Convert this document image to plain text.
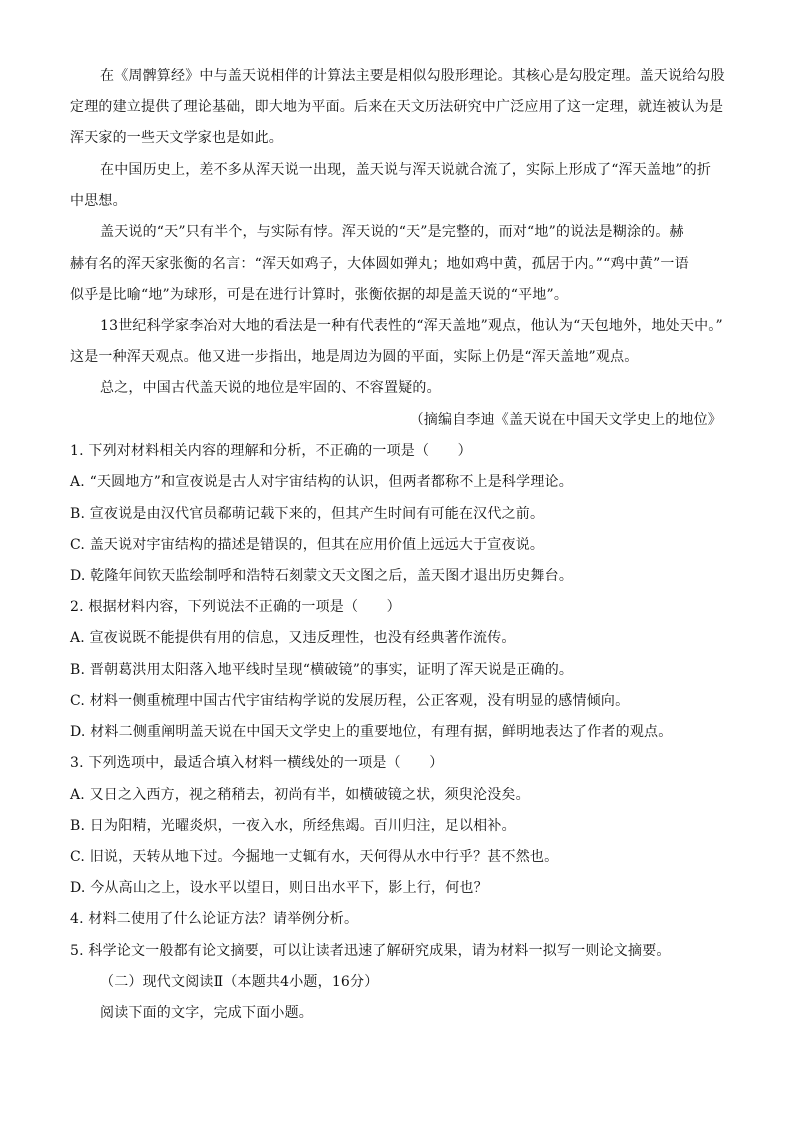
在《周髀算经》中与盖天说相伴的计算法主要是相似勾股形理论。其核心是勾股定理。盖天说给勾股
定理的建立提供了理论基础，即大地为平面。后来在天文历法研究中广泛应用了这一定理，就连被认为是
浑天家的一些天文学家也是如此。
在中国历史上，差不多从浑天说一出现，盖天说与浑天说就合流了，实际上形成了“浑天盖地”的折
中思想。
盖天说的“天”只有半个，与实际有悖。浑天说的“天”是完整的，而对“地”的说法是糊涂的。赫
赫有名的浑天家张衡的名言：“浑天如鸡子，大体圆如弹丸；地如鸡中黄，孤居于内。”“鸡中黄”一语
似乎是比喻“地”为球形，可是在进行计算时，张衡依据的却是盖天说的“平地”。
13世纪科学家李冶对大地的看法是一种有代表性的“浑天盖地”观点，他认为“天包地外，地处天中。”
这是一种浑天观点。他又进一步指出，地是周边为圆的平面，实际上仍是“浑天盖地”观点。
总之，中国古代盖天说的地位是牢固的、不容置疑的。
（摘编自李迪《盖天说在中国天文学史上的地位》
1. 下列对材料相关内容的理解和分析，不正确的一项是（　　）
A. “天圆地方”和宣夜说是古人对宇宙结构的认识，但两者都称不上是科学理论。
B. 宣夜说是由汉代官员郗萌记载下来的，但其产生时间有可能在汉代之前。
C. 盖天说对宇宙结构的描述是错误的，但其在应用价值上远远大于宣夜说。
D. 乾隆年间钦天监绘制呼和浩特石刻蒙文天文图之后，盖天图才退出历史舞台。
2. 根据材料内容，下列说法不正确的一项是（　　）
A. 宣夜说既不能提供有用的信息，又违反理性，也没有经典著作流传。
B. 晋朝葛洪用太阳落入地平线时呈现“横破镜”的事实，证明了浑天说是正确的。
C. 材料一侧重梳理中国古代宇宙结构学说的发展历程，公正客观，没有明显的感情倾向。
D. 材料二侧重阐明盖天说在中国天文学史上的重要地位，有理有据，鲜明地表达了作者的观点。
3. 下列选项中，最适合填入材料一横线处的一项是（　　）
A. 又日之入西方，视之稍稍去，初尚有半，如横破镜之状，须臾沦没矣。
B. 日为阳精，光曜炎炽，一夜入水，所经焦竭。百川归注，足以相补。
C. 旧说，天转从地下过。今掘地一丈辄有水，天何得从水中行乎？甚不然也。
D. 今从高山之上，设水平以望日，则日出水平下，影上行，何也？
4. 材料二使用了什么论证方法？请举例分析。
5. 科学论文一般都有论文摘要，可以让读者迅速了解研究成果，请为材料一拟写一则论文摘要。
（二）现代文阅读Ⅱ（本题共4小题，16分）
阅读下面的文字，完成下面小题。
